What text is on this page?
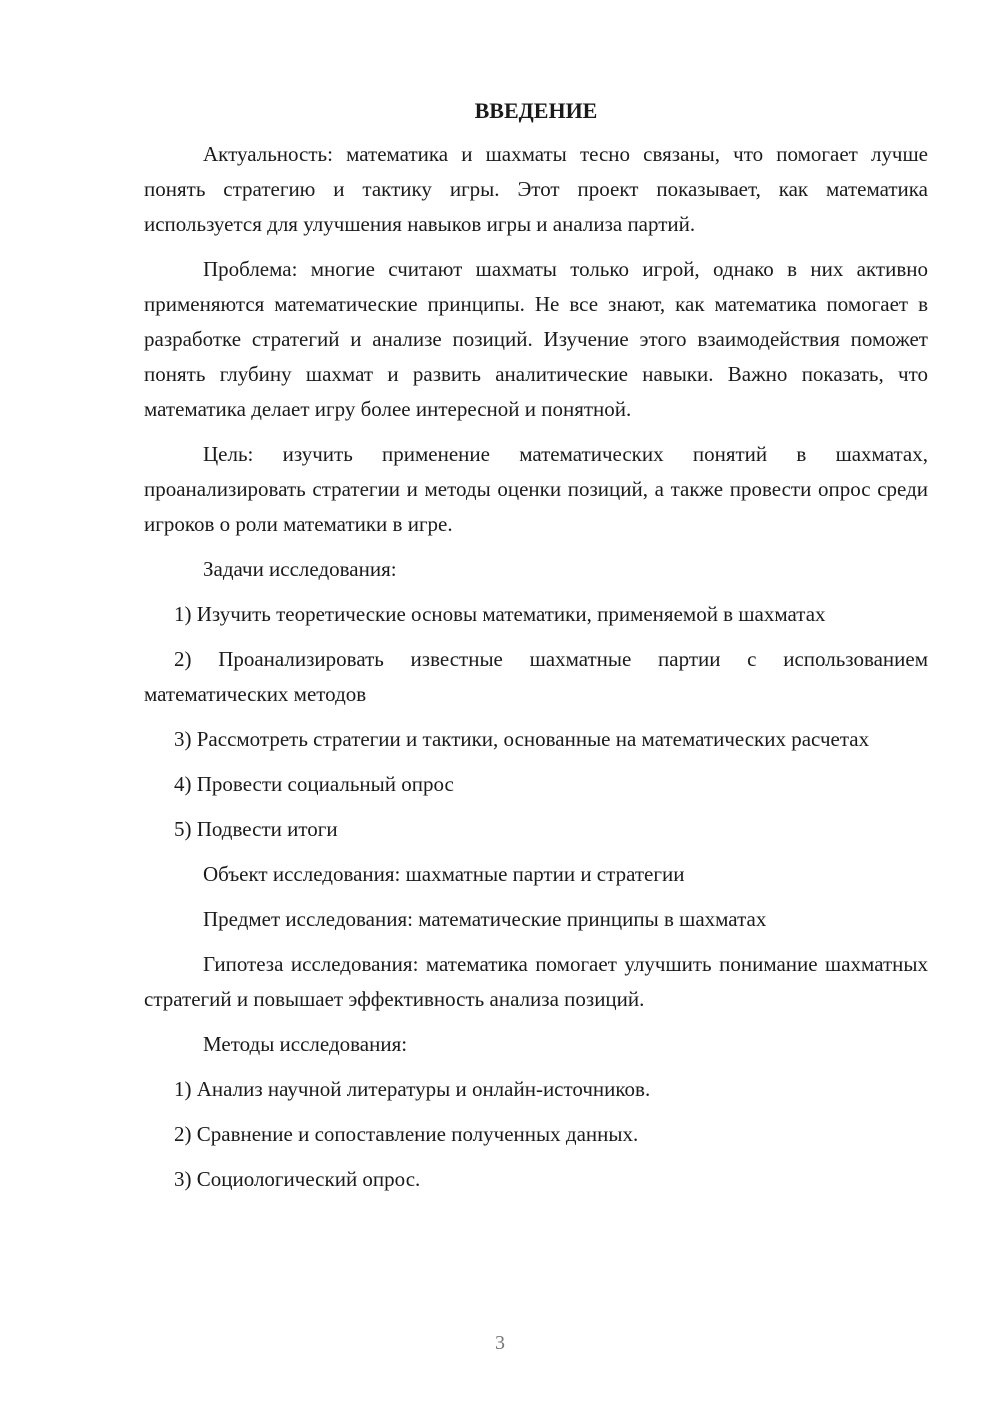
ВВЕДЕНИЕ
Актуальность: математика и шахматы тесно связаны, что помогает лучше понять стратегию и тактику игры. Этот проект показывает, как математика используется для улучшения навыков игры и анализа партий.
Проблема: многие считают шахматы только игрой, однако в них активно применяются математические принципы. Не все знают, как математика помогает в разработке стратегий и анализе позиций. Изучение этого взаимодействия поможет понять глубину шахмат и развить аналитические навыки. Важно показать, что математика делает игру более интересной и понятной.
Цель: изучить применение математических понятий в шахматах, проанализировать стратегии и методы оценки позиций, а также провести опрос среди игроков о роли математики в игре.
Задачи исследования:
1) Изучить теоретические основы математики, применяемой в шахматах
2) Проанализировать известные шахматные партии с использованием математических методов
3) Рассмотреть стратегии и тактики, основанные на математических расчетах
4) Провести социальный опрос
5) Подвести итоги
Объект исследования: шахматные партии и стратегии
Предмет исследования: математические принципы в шахматах
Гипотеза исследования: математика помогает улучшить понимание шахматных стратегий и повышает эффективность анализа позиций.
Методы исследования:
1) Анализ научной литературы и онлайн-источников.
2) Сравнение и сопоставление полученных данных.
3) Социологический опрос.
3
